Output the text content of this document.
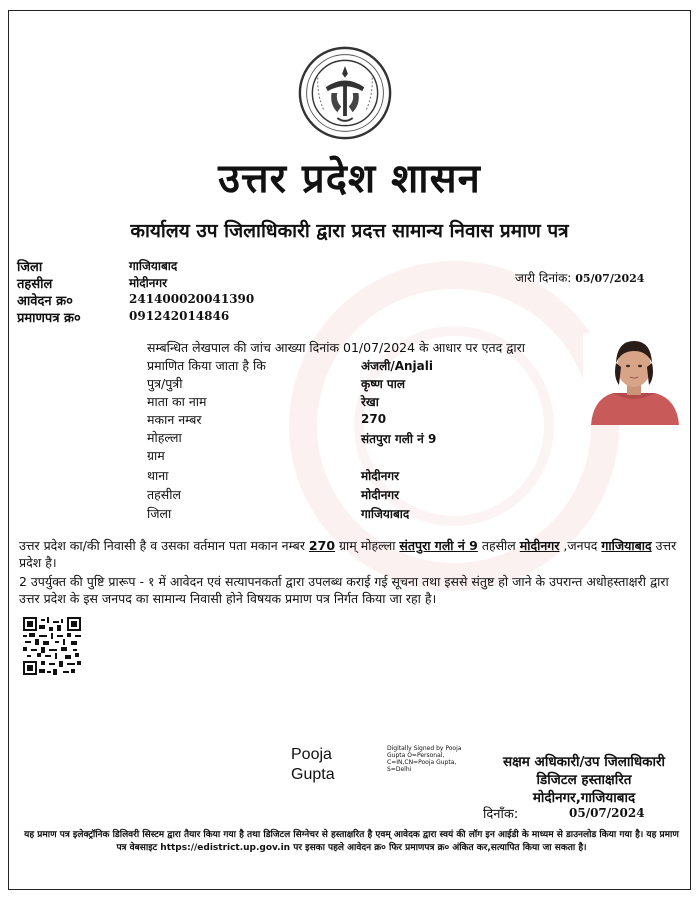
उत्तर प्रदेश शासन
कार्यालय उप जिलाधिकारी द्वारा प्रदत्त सामान्य निवास प्रमाण पत्र
जिला	गाजियाबाद
तहसील	मोदीनगर
आवेदन क्र०	241400020041390
प्रमाणपत्र क्र०	091242014846
जारी दिनांक: 05/07/2024
सम्बन्धित लेखपाल की जांच आख्या दिनांक 01/07/2024 के आधार पर एतद द्वारा
प्रमाणित किया जाता है कि	अंजली/Anjali
पुत्र/पुत्री	कृष्ण पाल
माता का नाम	रेखा
मकान नम्बर	270
मोहल्ला	संतपुरा गली नं 9
ग्राम
थाना	मोदीनगर
तहसील	मोदीनगर
जिला	गाजियाबाद
उत्तर प्रदेश का/की निवासी है व उसका वर्तमान पता मकान नम्बर 270 ग्राम् मोहल्ला संतपुरा गली नं 9 तहसील मोदीनगर ,जनपद गाजियाबाद उत्तर प्रदेश है।
2 उपर्युक्त की पुष्टि प्रारूप - १ में आवेदन एवं सत्यापनकर्ता द्वारा उपलब्ध कराई गई सूचना तथा इससे संतुष्ट हो जाने के उपरान्त अधोहस्ताक्षरी द्वारा उत्तर प्रदेश के इस जनपद का सामान्य निवासी होने विषयक प्रमाण पत्र निर्गत किया जा रहा है।
Pooja
Gupta
Digitally Signed by Pooja
Gupta O=Personal,
C=IN,CN=Pooja Gupta,
S=Delhi	सक्षम अधिकारी/उप जिलाधिकारी
डिजिटल हस्ताक्षरित
मोदीनगर,गाजियाबाद
दिनाँक:	05/07/2024
यह प्रमाण पत्र इलेक्ट्रॉनिक डिलिवरी सिस्टम द्वारा तैयार किया गया है तथा डिजिटल सिग्नेचर से हस्ताक्षरित है एवम् आवेदक द्वारा स्वयं की लॉग इन आईडी के माध्यम से डाउनलोड किया गया है। यह प्रमाण पत्र वेबसाइट https://edistrict.up.gov.in पर इसका पहले आवेदन क्र० फिर प्रमाणपत्र क्र० अंकित कर,सत्यापित किया जा सकता है।
